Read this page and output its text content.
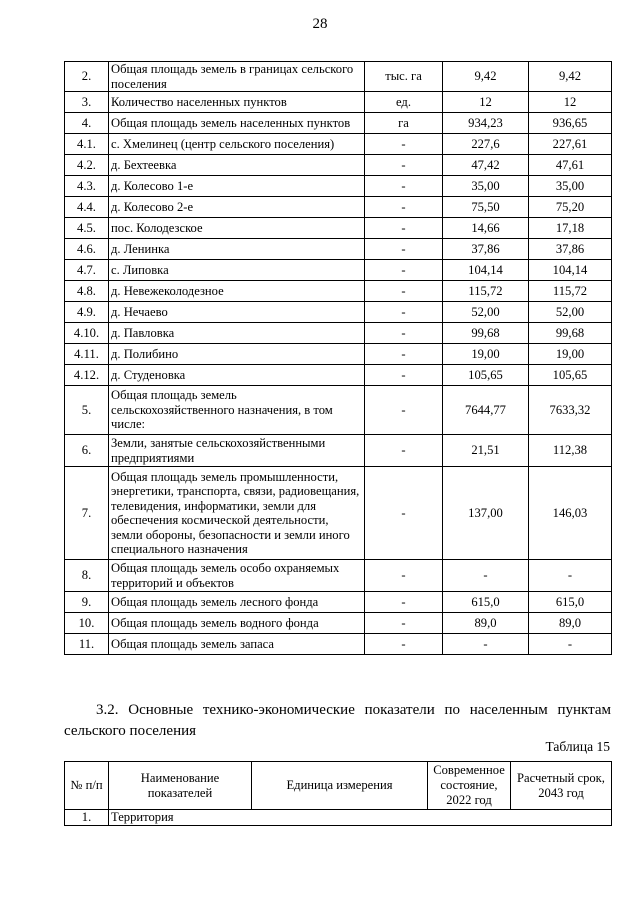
28
2.	Общая площадь земель в границах сельского поселения	тыс. га	9,42	9,42
3.	Количество населенных пунктов	ед.	12	12
4.	Общая площадь земель населенных пунктов	га	934,23	936,65
4.1.	с. Хмелинец (центр сельского поселения)	-	227,6	227,61
4.2.	д. Бехтеевка	-	47,42	47,61
4.3.	д. Колесово 1-е	-	35,00	35,00
4.4.	д. Колесово 2-е	-	75,50	75,20
4.5.	пос. Колодезское	-	14,66	17,18
4.6.	д. Ленинка	-	37,86	37,86
4.7.	с. Липовка	-	104,14	104,14
4.8.	д. Невежеколодезное	-	115,72	115,72
4.9.	д. Нечаево	-	52,00	52,00
4.10.	д. Павловка	-	99,68	99,68
4.11.	д. Полибино	-	19,00	19,00
4.12.	д. Студеновка	-	105,65	105,65
5.	Общая площадь земель сельскохозяйственного назначения, в том числе:	-	7644,77	7633,32
6.	Земли, занятые сельскохозяйственными предприятиями	-	21,51	112,38
7.	Общая площадь земель промышленности, энергетики, транспорта, связи, радиовещания, телевидения, информатики, земли для обеспечения космической деятельности, земли обороны, безопасности и земли иного специального назначения	-	137,00	146,03
8.	Общая площадь земель особо охраняемых территорий и объектов	-	-	-
9.	Общая площадь земель лесного фонда	-	615,0	615,0
10.	Общая площадь земель водного фонда	-	89,0	89,0
11.	Общая площадь земель запаса	-	-	-
3.2. Основные технико-экономические показатели по населенным пунктам сельского поселения
Таблица 15
№ п/п	Наименование показателей	Единица измерения	Современное состояние, 2022 год	Расчетный срок, 2043 год
1.	Территория			
